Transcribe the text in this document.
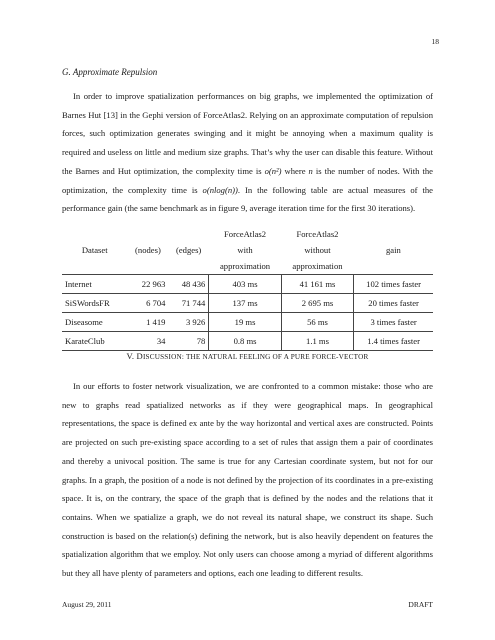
18
G. Approximate Repulsion

In order to improve spatialization performances on big graphs, we implemented the optimization of Barnes Hut [13] in the Gephi version of ForceAtlas2. Relying on an approximate computation of repulsion forces, such optimization generates swinging and it might be annoying when a maximum quality is required and useless on little and medium size graphs. That’s why the user can disable this feature. Without the Barnes and Hut optimization, the complexity time is o(n²) where n is the number of nodes. With the optimization, the complexity time is o(nlog(n)). In the following table are actual measures of the performance gain (the same benchmark as in figure 9, average iteration time for the first 30 iterations).

			ForceAtlas2	ForceAtlas2	
Dataset	(nodes)	(edges)	with	without	gain
			approximation	approximation	
Internet	22 963	48 436	403 ms	41 161 ms	102 times faster
SiSWordsFR	6 704	71 744	137 ms	2 695 ms	20 times faster
Diseasome	1 419	3 926	19 ms	56 ms	3 times faster
KarateClub	34	78	0.8 ms	1.1 ms	1.4 times faster
V. DISCUSSION: THE NATURAL FEELING OF A PURE FORCE-VECTOR

In our efforts to foster network visualization, we are confronted to a common mistake: those who are new to graphs read spatialized networks as if they were geographical maps. In geographical representations, the space is defined ex ante by the way horizontal and vertical axes are constructed. Points are projected on such pre-existing space according to a set of rules that assign them a pair of coordinates and thereby a univocal position. The same is true for any Cartesian coordinate system, but not for our graphs. In a graph, the position of a node is not defined by the projection of its coordinates in a pre-existing space. It is, on the contrary, the space of the graph that is defined by the nodes and the relations that it contains. When we spatialize a graph, we do not reveal its natural shape, we construct its shape. Such construction is based on the relation(s) defining the network, but is also heavily dependent on features the spatialization algorithm that we employ. Not only users can choose among a myriad of different algorithms but they all have plenty of parameters and options, each one leading to different results.

August 29, 2011	DRAFT
